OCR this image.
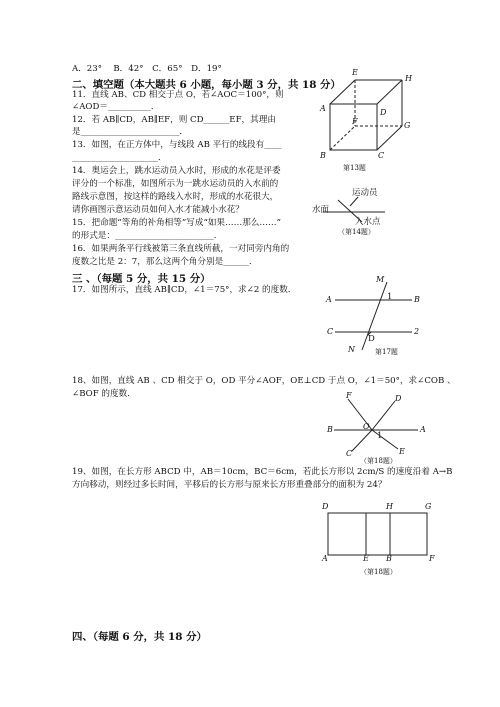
A．23°　 B．42°　C．65°　D．19°
二、填空题（本大题共 6 小题，每小题 3 分，共 18 分）
11．直线 AB、CD 相交于点 O，若∠AOC＝100°，则
∠AOD＝__________．
12．若 AB∥CD，AB∥EF，则 CD______EF，其理由
是_______________________．
13．如图，在正方体中，与线段 AB 平行的线段有____
____________________．
14．奥运会上，跳水运动员入水时，形成的水花是评委
评分的一个标准，如图所示为一跳水运动员的入水前的
路线示意图，按这样的路线入水时，形成的水花很大，
请你画图示意运动员如何入水才能减小水花？
15．把命题“等角的补角相等”写成“如果……那么……”
的形式是：_______________________．
16．如果两条平行线被第三条直线所截，一对同旁内角的
度数之比是 2：7，那么这两个角分别是______．
三 、（每题 5 分，共 15 分）
17．如图所示，直线 AB∥CD，∠1＝75°，求∠2 的度数．
18、如图，直线 AB 、CD 相交于 O，OD 平分∠AOF，OE⊥CD 于点 O，∠1＝50°，求∠COB 、
∠BOF 的度数．
19、如图，在长方形 ABCD 中，AB＝10cm，BC＝6cm，若此长方形以 2cm/S 的速度沿着 A→B
方向移动，则经过多长时间，平移后的长方形与原来长方形重叠部分的面积为 24？
四、（每题 6 分，共 18 分）
E
H
A	D
F	G
B	C
第13题
运动员
水面
入水点
（第14题）
M
A	1	B
C
D
2
N	第17题
F	D
B	O	A
C	E
1
（第18题）
D	H	G
A	E B	F
（第18题）
